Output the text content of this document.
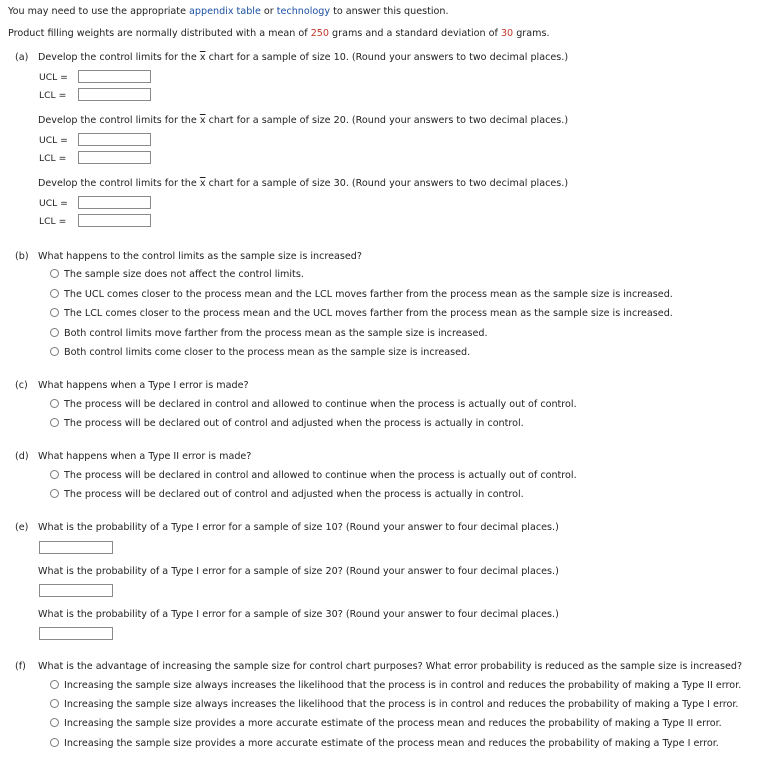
You may need to use the appropriate appendix table or technology to answer this question.
Product filling weights are normally distributed with a mean of 250 grams and a standard deviation of 30 grams.
(a) Develop the control limits for the $\overline{x}$ chart for a sample of size 10. (Round your answers to two decimal places.)
UCL =
LCL =
Develop the control limits for the $\overline{x}$ chart for a sample of size 20. (Round your answers to two decimal places.)
UCL =
LCL =
Develop the control limits for the $\overline{x}$ chart for a sample of size 30. (Round your answers to two decimal places.)
UCL =
LCL =
(b) What happens to the control limits as the sample size is increased?
The sample size does not affect the control limits.
The UCL comes closer to the process mean and the LCL moves farther from the process mean as the sample size is increased.
The LCL comes closer to the process mean and the UCL moves farther from the process mean as the sample size is increased.
Both control limits move farther from the process mean as the sample size is increased.
Both control limits come closer to the process mean as the sample size is increased.
(c) What happens when a Type I error is made?
The process will be declared in control and allowed to continue when the process is actually out of control.
The process will be declared out of control and adjusted when the process is actually in control.
(d) What happens when a Type II error is made?
The process will be declared in control and allowed to continue when the process is actually out of control.
The process will be declared out of control and adjusted when the process is actually in control.
(e) What is the probability of a Type I error for a sample of size 10? (Round your answer to four decimal places.)
What is the probability of a Type I error for a sample of size 20? (Round your answer to four decimal places.)
What is the probability of a Type I error for a sample of size 30? (Round your answer to four decimal places.)
(f) What is the advantage of increasing the sample size for control chart purposes? What error probability is reduced as the sample size is increased?
Increasing the sample size always increases the likelihood that the process is in control and reduces the probability of making a Type II error.
Increasing the sample size always increases the likelihood that the process is in control and reduces the probability of making a Type I error.
Increasing the sample size provides a more accurate estimate of the process mean and reduces the probability of making a Type II error.
Increasing the sample size provides a more accurate estimate of the process mean and reduces the probability of making a Type I error.
